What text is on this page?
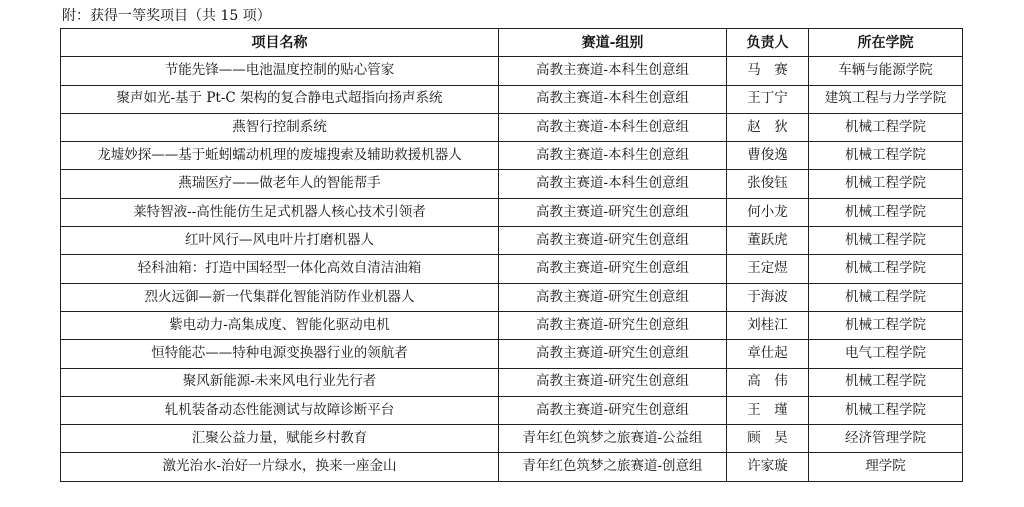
附：获得一等奖项目（共 15 项）
项目名称	赛道-组别	负责人	所在学院
节能先锋——电池温度控制的贴心管家	高教主赛道-本科生创意组	马　赛	车辆与能源学院
聚声如光-基于 Pt-C 架构的复合静电式超指向扬声系统	高教主赛道-本科生创意组	王丁宁	建筑工程与力学学院
燕智行控制系统	高教主赛道-本科生创意组	赵　狄	机械工程学院
龙墟妙探——基于蚯蚓蠕动机理的废墟搜索及辅助救援机器人	高教主赛道-本科生创意组	曹俊逸	机械工程学院
燕瑞医疗——做老年人的智能帮手	高教主赛道-本科生创意组	张俊钰	机械工程学院
莱特智液--高性能仿生足式机器人核心技术引领者	高教主赛道-研究生创意组	何小龙	机械工程学院
红叶风行—风电叶片打磨机器人	高教主赛道-研究生创意组	董跃虎	机械工程学院
轻科油箱：打造中国轻型一体化高效自清洁油箱	高教主赛道-研究生创意组	王定煜	机械工程学院
烈火远御—新一代集群化智能消防作业机器人	高教主赛道-研究生创意组	于海波	机械工程学院
紫电动力-高集成度、智能化驱动电机	高教主赛道-研究生创意组	刘桂江	机械工程学院
恒特能芯——特种电源变换器行业的领航者	高教主赛道-研究生创意组	章仕起	电气工程学院
聚风新能源-未来风电行业先行者	高教主赛道-研究生创意组	高　伟	机械工程学院
轧机装备动态性能测试与故障诊断平台	高教主赛道-研究生创意组	王　瑾	机械工程学院
汇聚公益力量，赋能乡村教育	青年红色筑梦之旅赛道-公益组	顾　昊	经济管理学院
激光治水-治好一片绿水，换来一座金山	青年红色筑梦之旅赛道-创意组	许家璇	理学院
